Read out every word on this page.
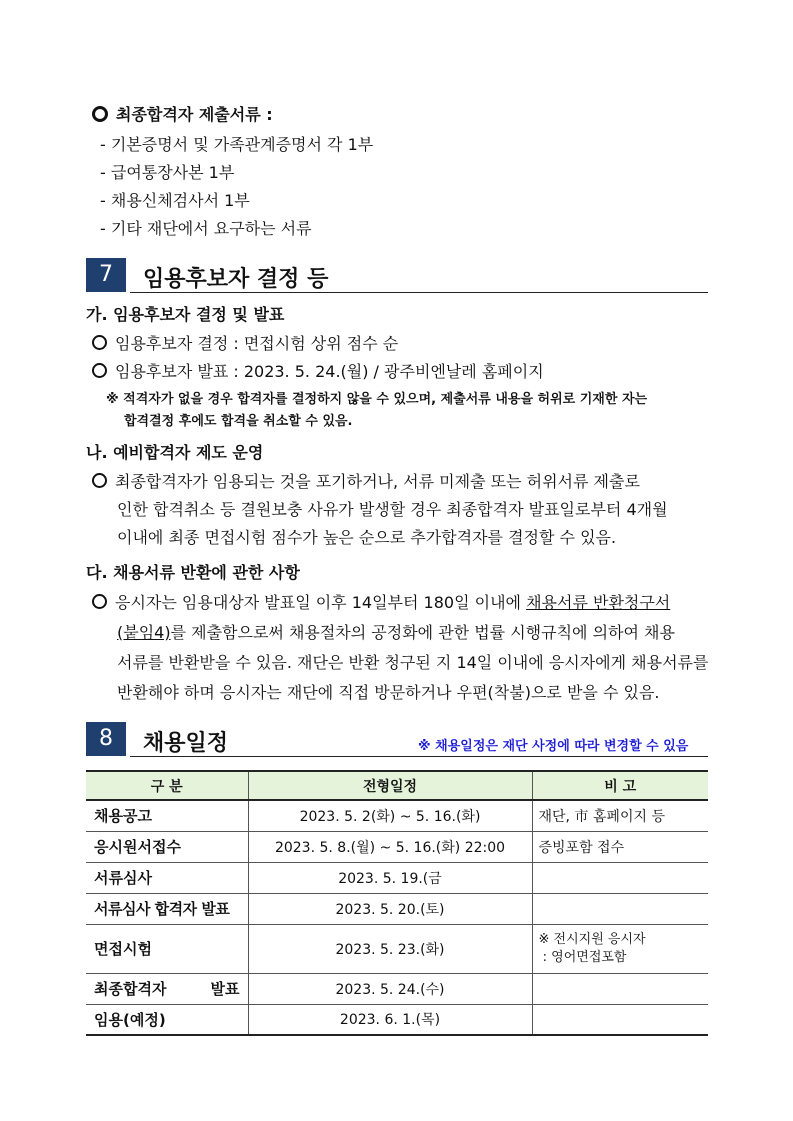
최종합격자 제출서류 :
- 기본증명서 및 가족관계증명서 각 1부
- 급여통장사본 1부
- 채용신체검사서 1부
- 기타 재단에서 요구하는 서류
7	임용후보자 결정 등
가. 임용후보자 결정 및 발표
임용후보자 결정 : 면접시험 상위 점수 순
임용후보자 발표 : 2023. 5. 24.(월) / 광주비엔날레 홈페이지
※ 적격자가 없을 경우 합격자를 결정하지 않을 수 있으며, 제출서류 내용을 허위로 기재한 자는
합격결정 후에도 합격을 취소할 수 있음.
나. 예비합격자 제도 운영
최종합격자가 임용되는 것을 포기하거나, 서류 미제출 또는 허위서류 제출로
인한 합격취소 등 결원보충 사유가 발생할 경우 최종합격자 발표일로부터 4개월
이내에 최종 면접시험 점수가 높은 순으로 추가합격자를 결정할 수 있음.
다. 채용서류 반환에 관한 사항
응시자는 임용대상자 발표일 이후 14일부터 180일 이내에 채용서류 반환청구서
(붙임4)를 제출함으로써 채용절차의 공정화에 관한 법률 시행규칙에 의하여 채용
서류를 반환받을 수 있음. 재단은 반환 청구된 지 14일 이내에 응시자에게 채용서류를
반환해야 하며 응시자는 재단에 직접 방문하거나 우편(착불)으로 받을 수 있음.
8	채용일정	※ 채용일정은 재단 사정에 따라 변경할 수 있음
구 분	전형일정	비 고
채용공고	2023. 5. 2(화) ~ 5. 16.(화)	재단, 市 홈페이지 등
응시원서접수	2023. 5. 8.(월) ~ 5. 16.(화) 22:00	증빙포함 접수
서류심사	2023. 5. 19.(금	
서류심사 합격자 발표	2023. 5. 20.(토)	
면접시험	2023. 5. 23.(화)	※ 전시지원 응시자
: 영어면접포함

최종합격자 발표	2023. 5. 24.(수)	
임용(예정)	2023. 6. 1.(목)	
